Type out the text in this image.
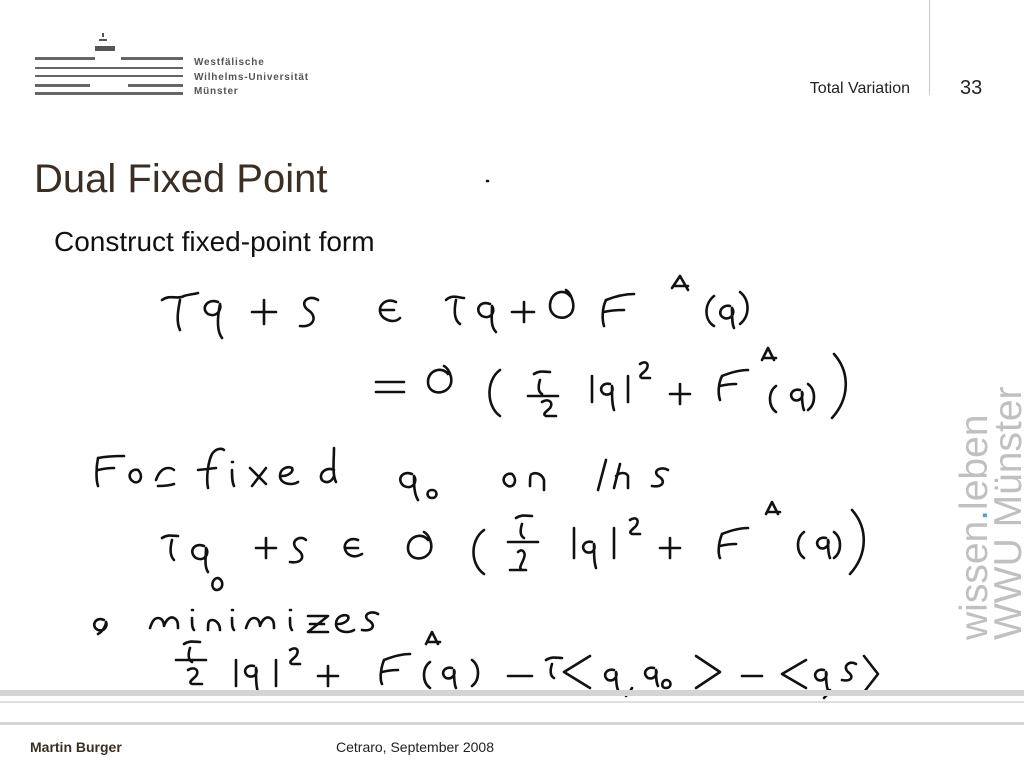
Westfälische
Wilhelms-Universität
Münster	Total Variation	33
Dual Fixed Point
Construct fixed-point form
wissen.leben
WWU Münster
Martin Burger	Cetraro, September 2008
